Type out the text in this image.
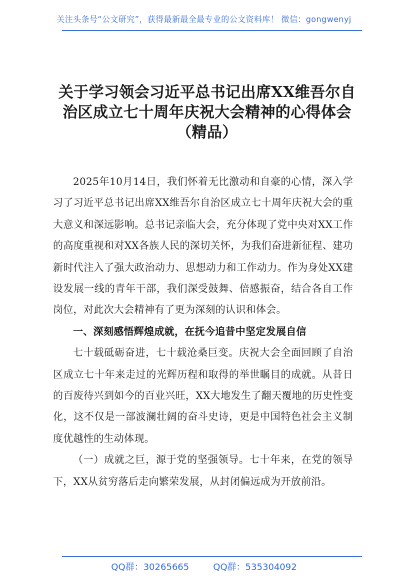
关注头条号“公文研究”，获得最新最全最专业的公文资料库！ 微信：gongwenyj
关于学习领会习近平总书记出席XX维吾尔自治区成立七十周年庆祝大会精神的心得体会（精品）

2025年10月14日，我们怀着无比激动和自豪的心情，深入学习了习近平总书记出席XX维吾尔自治区成立七十周年庆祝大会的重大意义和深远影响。总书记亲临大会，充分体现了党中央对XX工作的高度重视和对XX各族人民的深切关怀，为我们奋进新征程、建功新时代注入了强大政治动力、思想动力和工作动力。作为身处XX建设发展一线的青年干部，我们深受鼓舞、倍感振奋，结合各自工作岗位，对此次大会精神有了更为深刻的认识和体会。

一、深刻感悟辉煌成就，在抚今追昔中坚定发展自信

七十载砥砺奋进，七十载沧桑巨变。庆祝大会全面回顾了自治区成立七十年来走过的光辉历程和取得的举世瞩目的成就。从昔日的百废待兴到如今的百业兴旺，XX大地发生了翻天覆地的历史性变化，这不仅是一部波澜壮阔的奋斗史诗，更是中国特色社会主义制度优越性的生动体现。

（一）成就之巨，源于党的坚强领导。七十年来，在党的领导下，XX从贫穷落后走向繁荣发展，从封闭偏远成为开放前沿。

QQ群：30265665	QQ群：535304092
